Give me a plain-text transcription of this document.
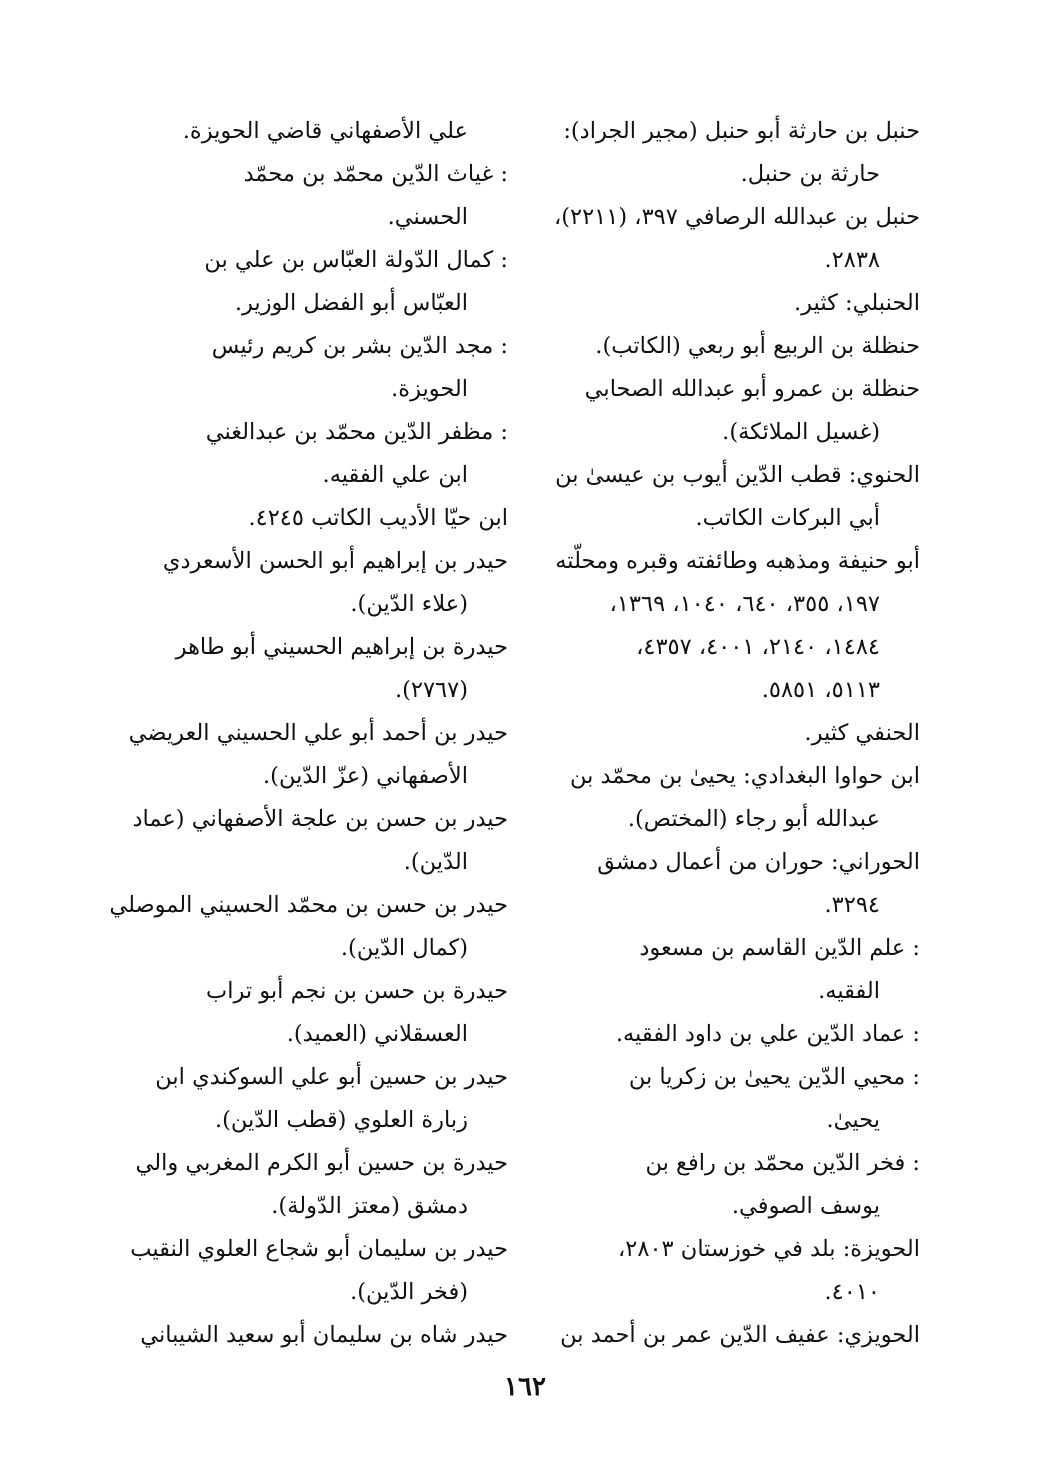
حنبل بن حارثة أبو حنبل (مجير الجراد):
حارثة بن حنبل.
حنبل بن عبدالله الرصافي ٣٩٧، (٢٢١١)،
٢٨٣٨.
الحنبلي: كثير.
حنظلة بن الربيع أبو ربعي (الكاتب).
حنظلة بن عمرو أبو عبدالله الصحابي
(غسيل الملائكة).
الحنوي: قطب الدّين أيوب بن عيسىٰ بن
أبي البركات الكاتب.
أبو حنيفة ومذهبه وطائفته وقبره ومحلّته
١٩٧، ٣٥٥، ٦٤٠، ١٠٤٠، ١٣٦٩،
١٤٨٤، ٢١٤٠، ٤٠٠١، ٤٣٥٧،
٥١١٣، ٥٨٥١.
الحنفي كثير.
ابن حواوا البغدادي: يحيىٰ بن محمّد بن
عبدالله أبو رجاء (المختص).
الحوراني: حوران من أعمال دمشق
٣٢٩٤.
: علم الدّين القاسم بن مسعود
الفقيه.
: عماد الدّين علي بن داود الفقيه.
: محيي الدّين يحيىٰ بن زكريا بن
يحيىٰ.
: فخر الدّين محمّد بن رافع بن
يوسف الصوفي.
الحويزة: بلد في خوزستان ٢٨٠٣،
٤٠١٠.
الحويزي: عفيف الدّين عمر بن أحمد بن
علي الأصفهاني قاضي الحويزة.
: غياث الدّين محمّد بن محمّد
الحسني.
: كمال الدّولة العبّاس بن علي بن
العبّاس أبو الفضل الوزير.
: مجد الدّين بشر بن كريم رئيس
الحويزة.
: مظفر الدّين محمّد بن عبدالغني
ابن علي الفقيه.
ابن حيّا الأديب الكاتب ٤٢٤٥.
حيدر بن إبراهيم أبو الحسن الأسعردي
(علاء الدّين).
حيدرة بن إبراهيم الحسيني أبو طاهر
(٢٧٦٧).
حيدر بن أحمد أبو علي الحسيني العريضي
الأصفهاني (عزّ الدّين).
حيدر بن حسن بن علجة الأصفهاني (عماد
الدّين).
حيدر بن حسن بن محمّد الحسيني الموصلي
(كمال الدّين).
حيدرة بن حسن بن نجم أبو تراب
العسقلاني (العميد).
حيدر بن حسين أبو علي السوكندي ابن
زبارة العلوي (قطب الدّين).
حيدرة بن حسين أبو الكرم المغربي والي
دمشق (معتز الدّولة).
حيدر بن سليمان أبو شجاع العلوي النقيب
(فخر الدّين).
حيدر شاه بن سليمان أبو سعيد الشيباني
١٦٢
